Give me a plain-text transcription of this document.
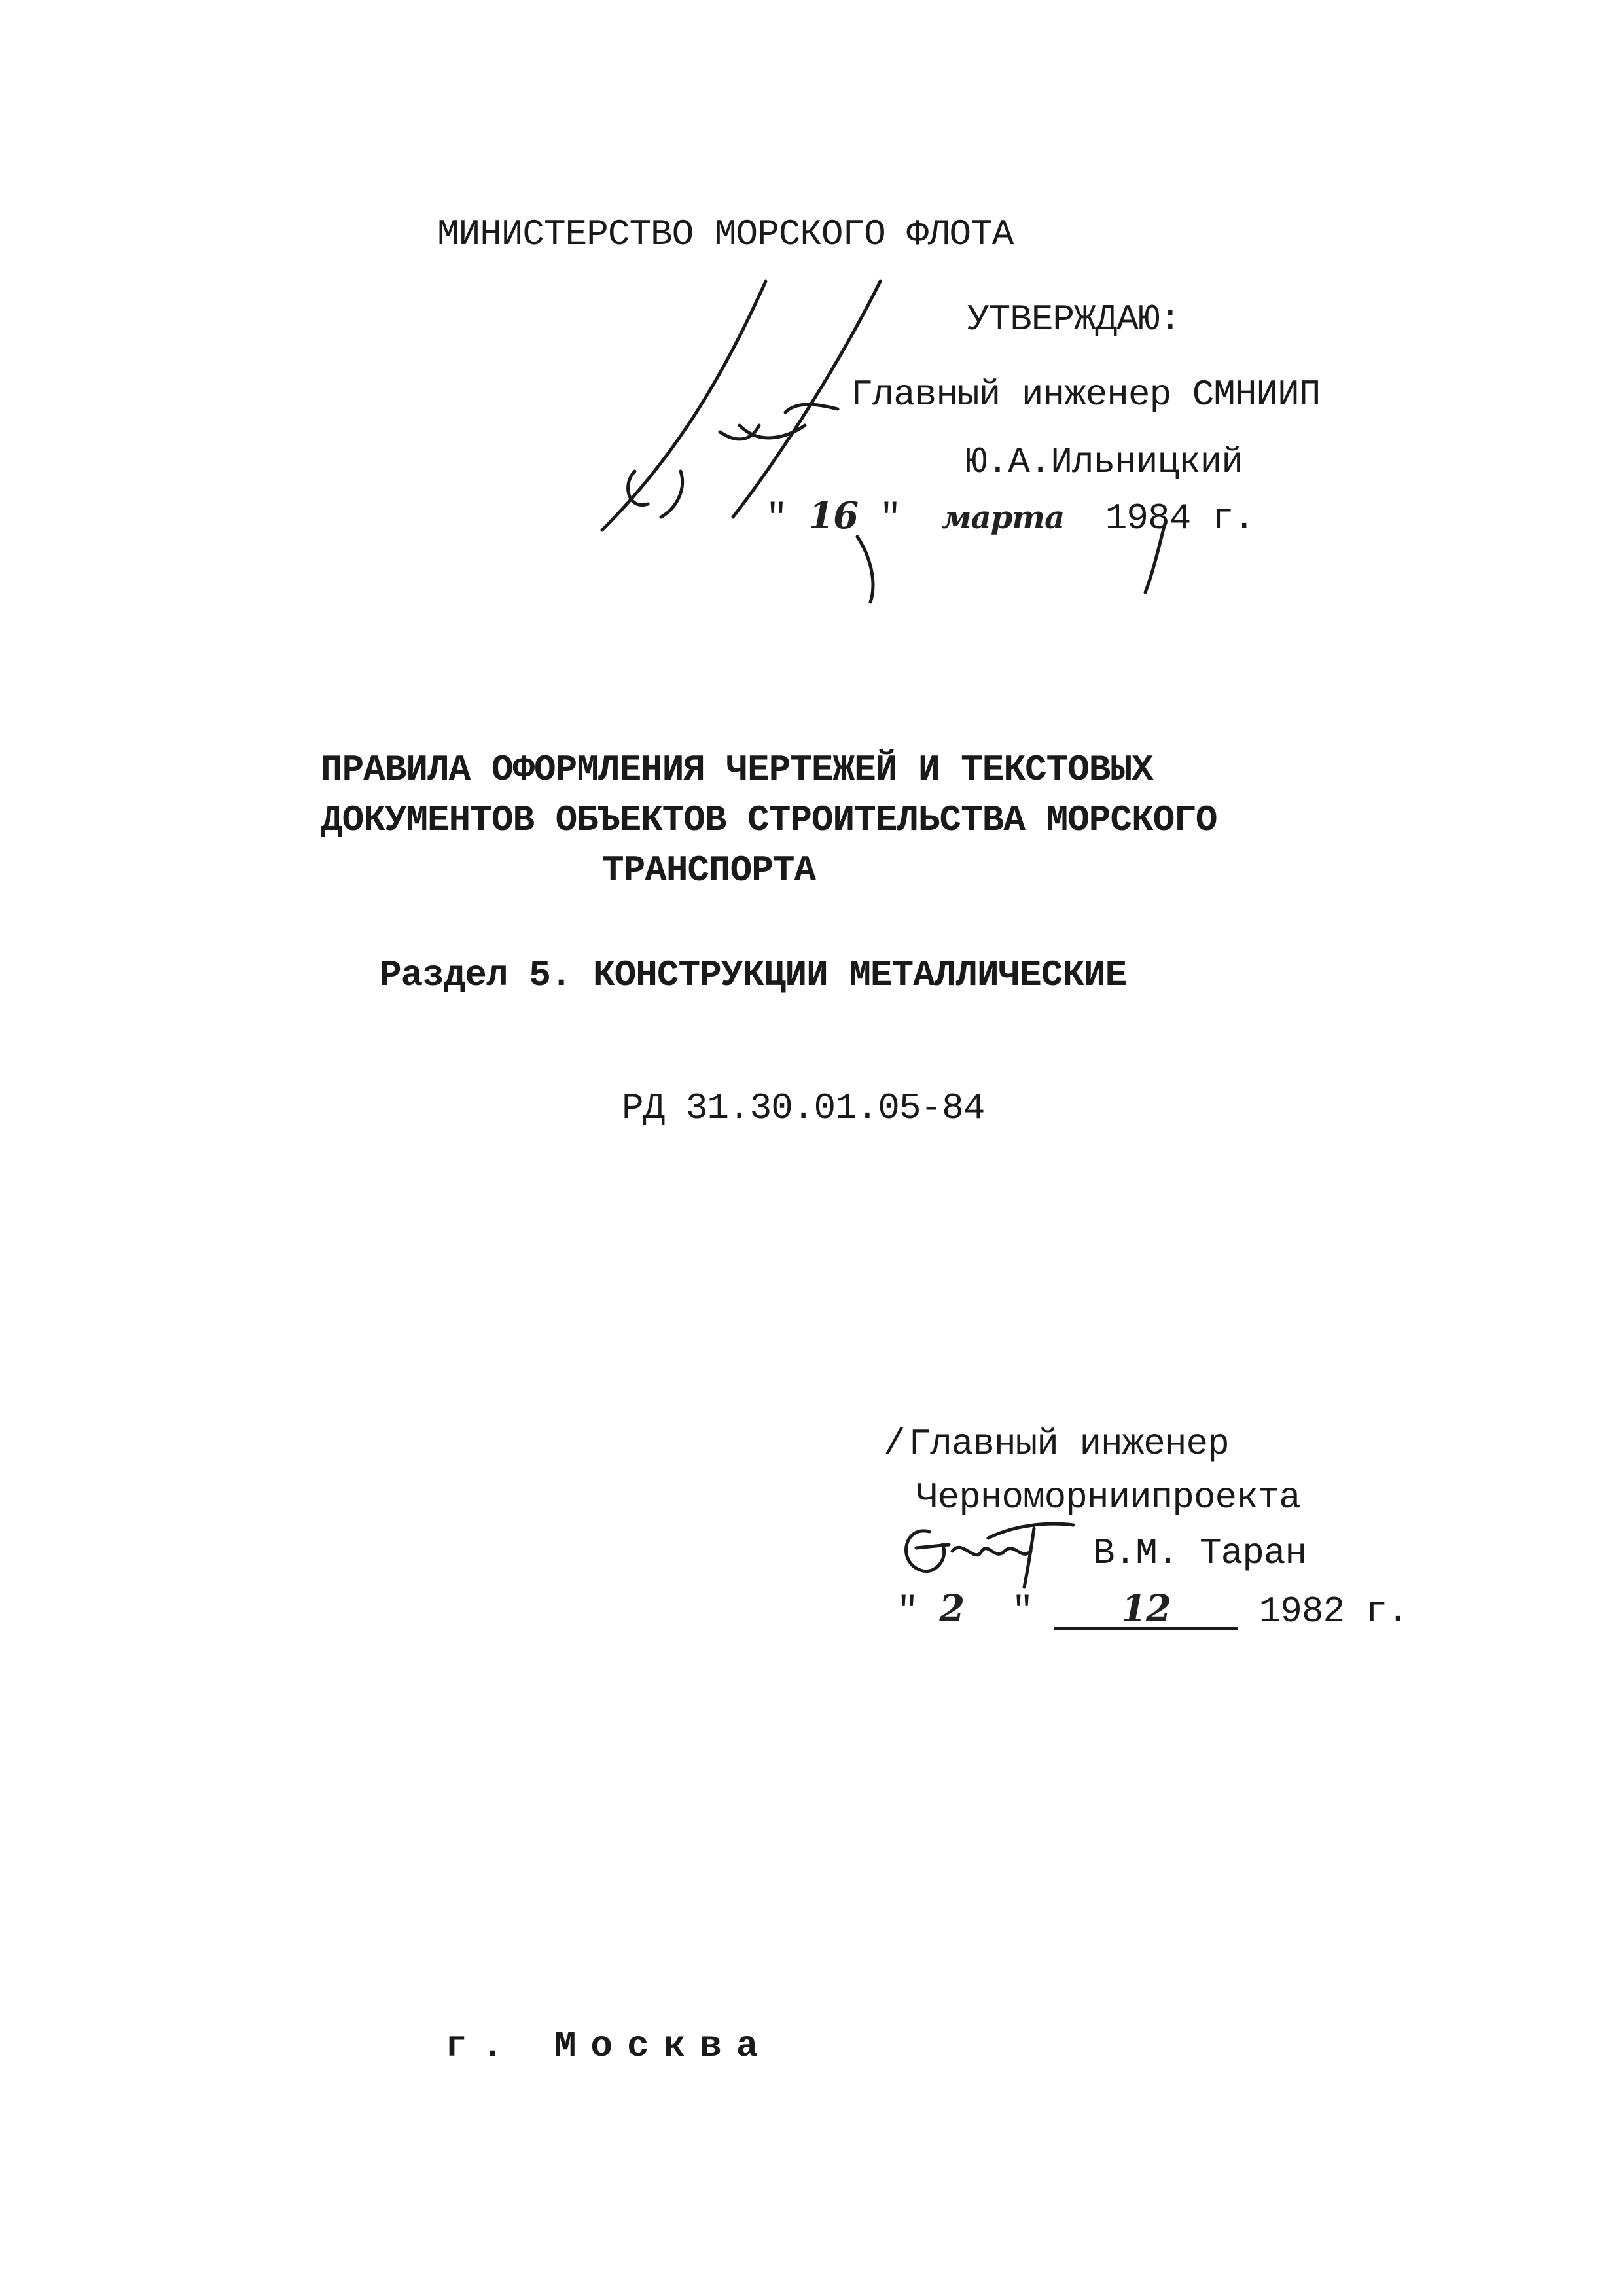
МИНИСТЕРСТВО МОРСКОГО ФЛОТА
УТВЕРЖДАЮ:
Главный инженер СМНИИП
Ю.А.Ильницкий
" 16 " марта 1984 г.
ПРАВИЛА ОФОРМЛЕНИЯ ЧЕРТЕЖЕЙ И ТЕКСТОВЫХ
ДОКУМЕНТОВ ОБЪЕКТОВ СТРОИТЕЛЬСТВА МОРСКОГО
ТРАНСПОРТА
Раздел 5. КОНСТРУКЦИИ МЕТАЛЛИЧЕСКИЕ
РД 31.30.01.05-84
/ Главный инженер
Черноморниипроекта
В.М. Таран
" 2 " 12 1982 г.
г. Москва
